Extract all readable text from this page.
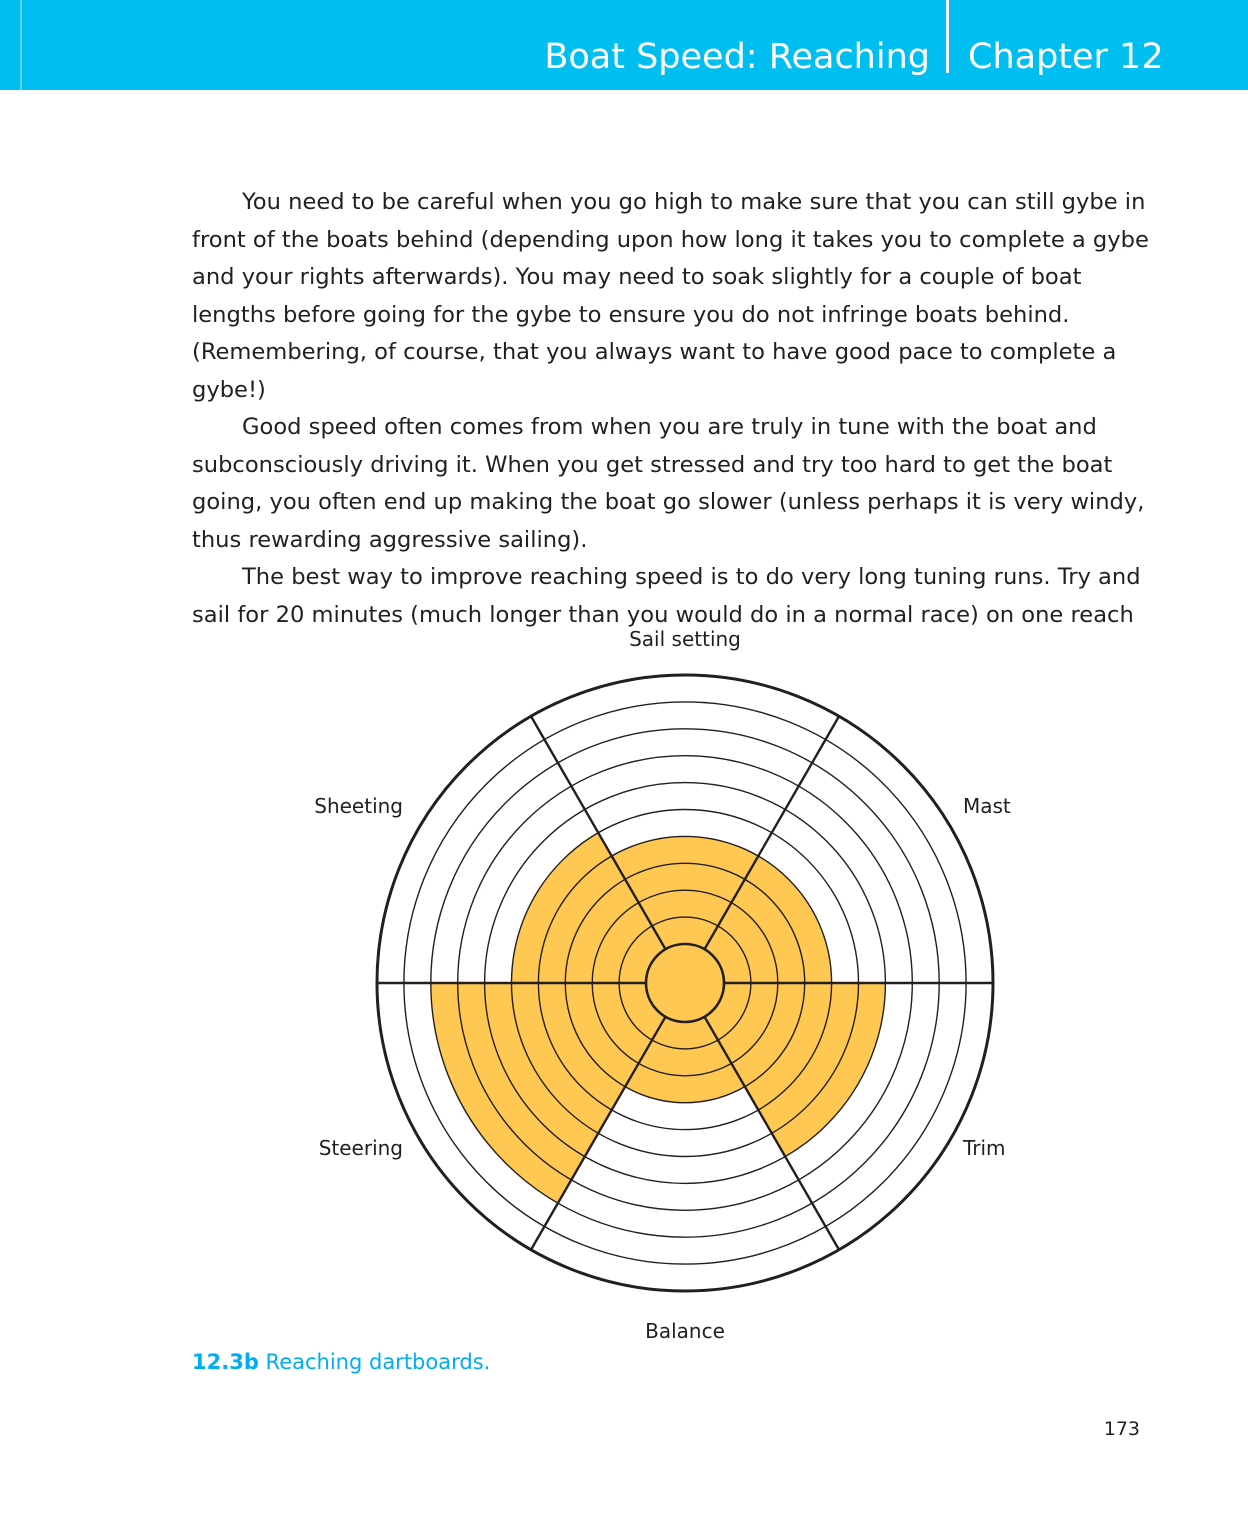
Boat Speed: Reaching Chapter 12

You need to be careful when you go high to make sure that you can still gybe in front of the boats behind (depending upon how long it takes you to complete a gybe and your rights afterwards). You may need to soak slightly for a couple of boat lengths before going for the gybe to ensure you do not infringe boats behind. (Remembering, of course, that you always want to have good pace to complete a gybe!)

Good speed often comes from when you are truly in tune with the boat and subconsciously driving it. When you get stressed and try too hard to get the boat going, you often end up making the boat go slower (unless perhaps it is very windy, thus rewarding aggressive sailing).

The best way to improve reaching speed is to do very long tuning runs. Try and sail for 20 minutes (much longer than you would do in a normal race) on one reach

Sail setting
Mast
Trim
Balance
Steering
Sheeting
12.3b Reaching dartboards.
173
